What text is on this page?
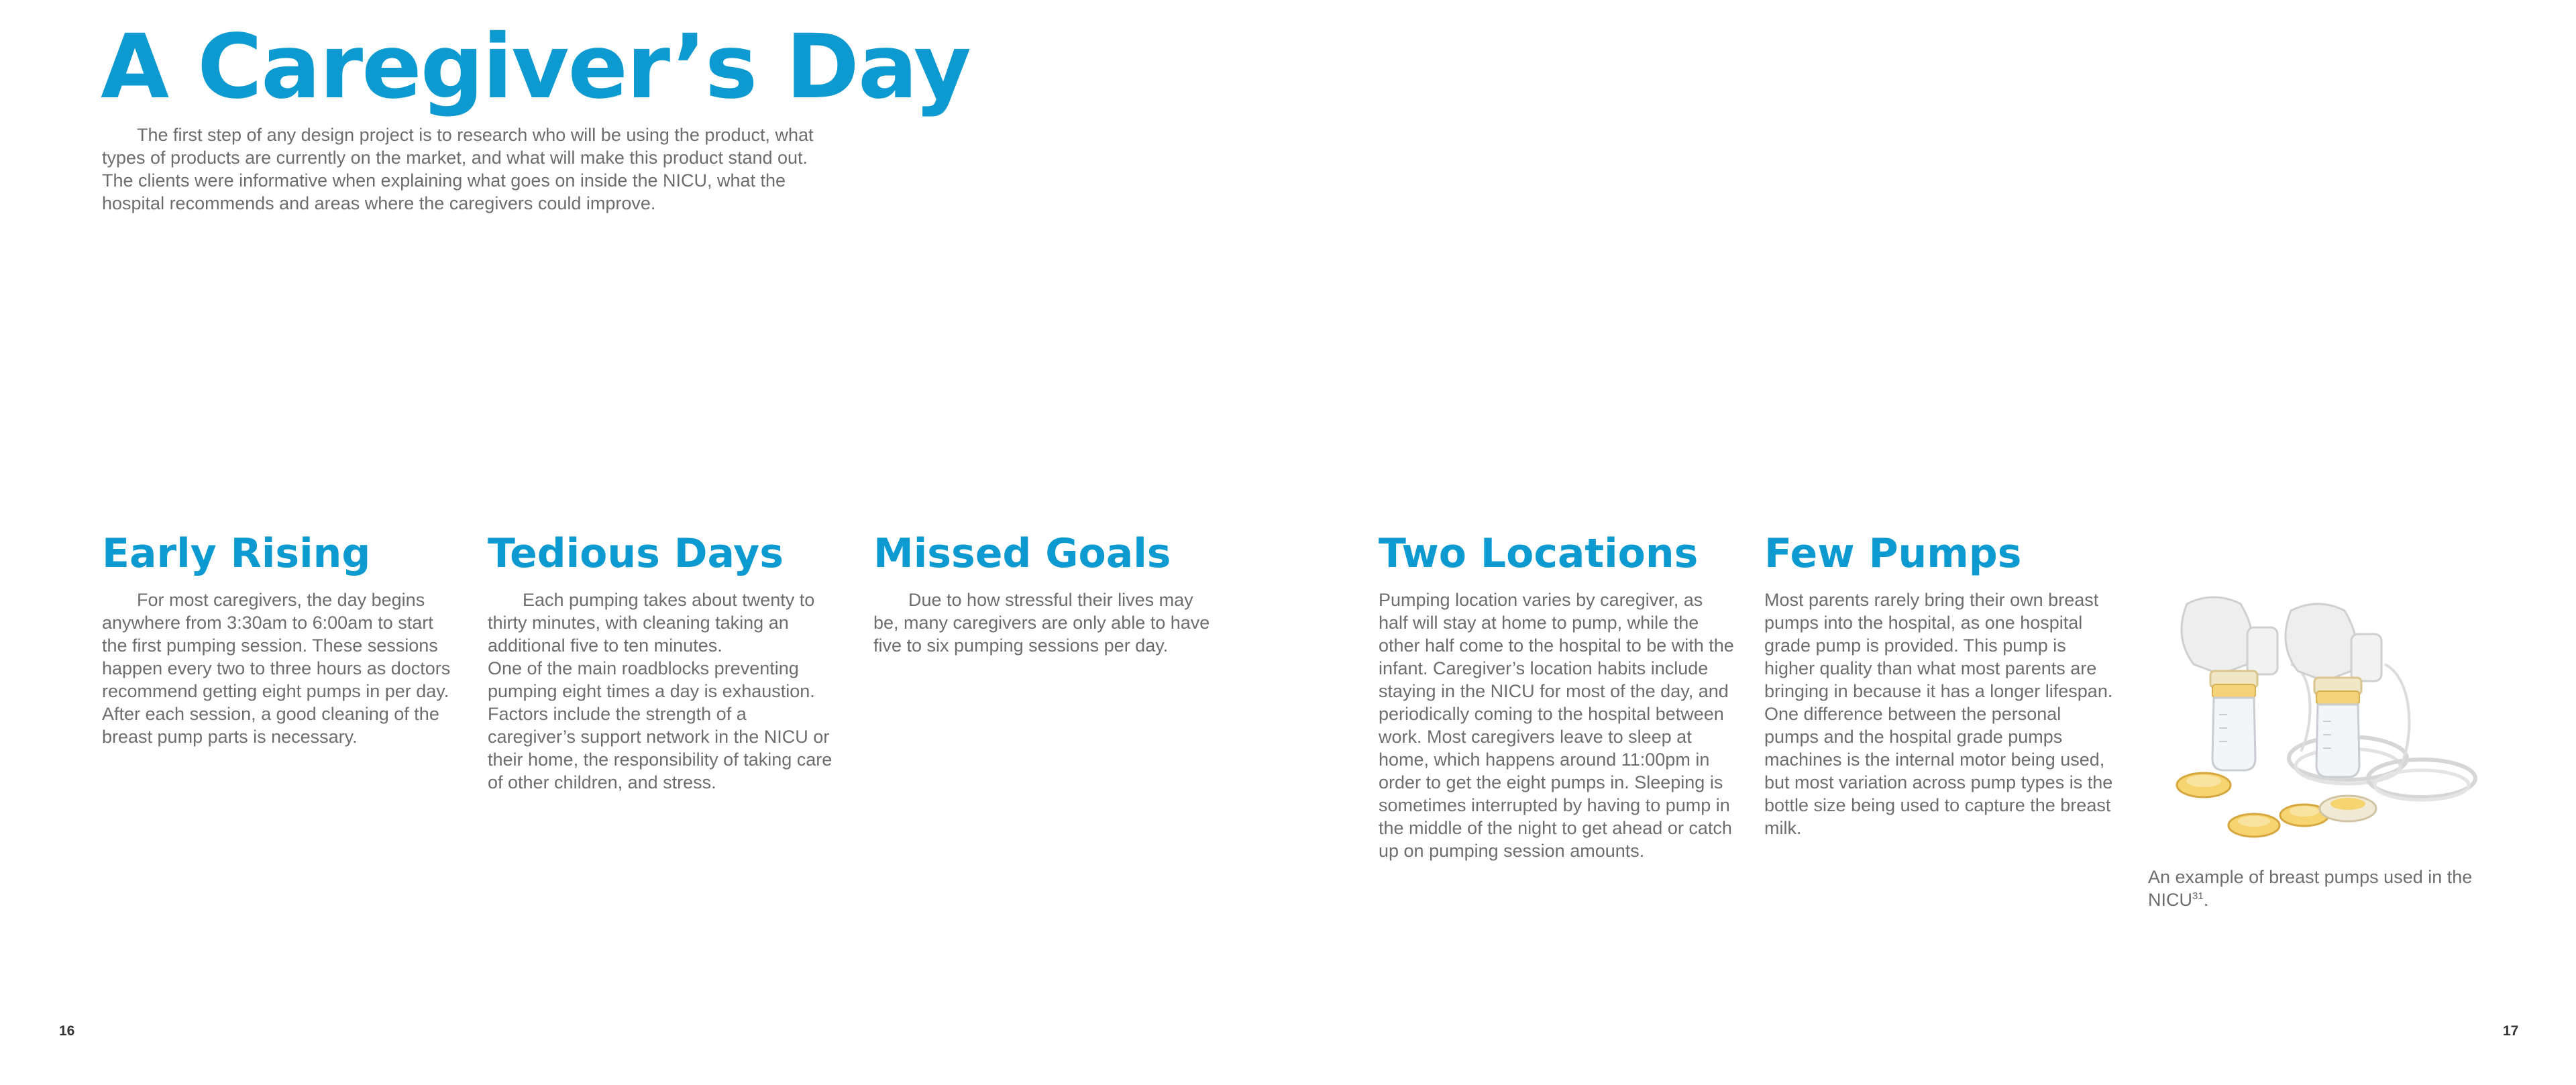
A Caregiver’s Day

The first step of any design project is to research who will be using the product, what types of products are currently on the market, and what will make this product stand out. The clients were informative when explaining what goes on inside the NICU, what the hospital recommends and areas where the caregivers could improve.

Early Rising

For most caregivers, the day begins anywhere from 3:30am to 6:00am to start the first pumping session. These sessions happen every two to three hours as doctors recommend getting eight pumps in per day. After each session, a good cleaning of the breast pump parts is necessary.

Tedious Days

Each pumping takes about twenty to thirty minutes, with cleaning taking an additional five to ten minutes.
One of the main roadblocks preventing pumping eight times a day is exhaustion. Factors include the strength of a caregiver’s support network in the NICU or their home, the responsibility of taking care of other children, and stress.

Missed Goals

Due to how stressful their lives may be, many caregivers are only able to have five to six pumping sessions per day.

Two Locations

Pumping location varies by caregiver, as half will stay at home to pump, while the other half come to the hospital to be with the infant. Caregiver’s location habits include staying in the NICU for most of the day, and periodically coming to the hospital between work. Most caregivers leave to sleep at home, which happens around 11:00pm in order to get the eight pumps in. Sleeping is sometimes interrupted by having to pump in the middle of the night to get ahead or catch up on pumping session amounts.

Few Pumps

Most parents rarely bring their own breast pumps into the hospital, as one hospital grade pump is provided. This pump is higher quality than what most parents are bringing in because it has a longer lifespan. One difference between the personal pumps and the hospital grade pumps machines is the internal motor being used, but most variation across pump types is the bottle size being used to capture the breast milk.

An example of breast pumps used in the NICU$^{31}$.

16	17
